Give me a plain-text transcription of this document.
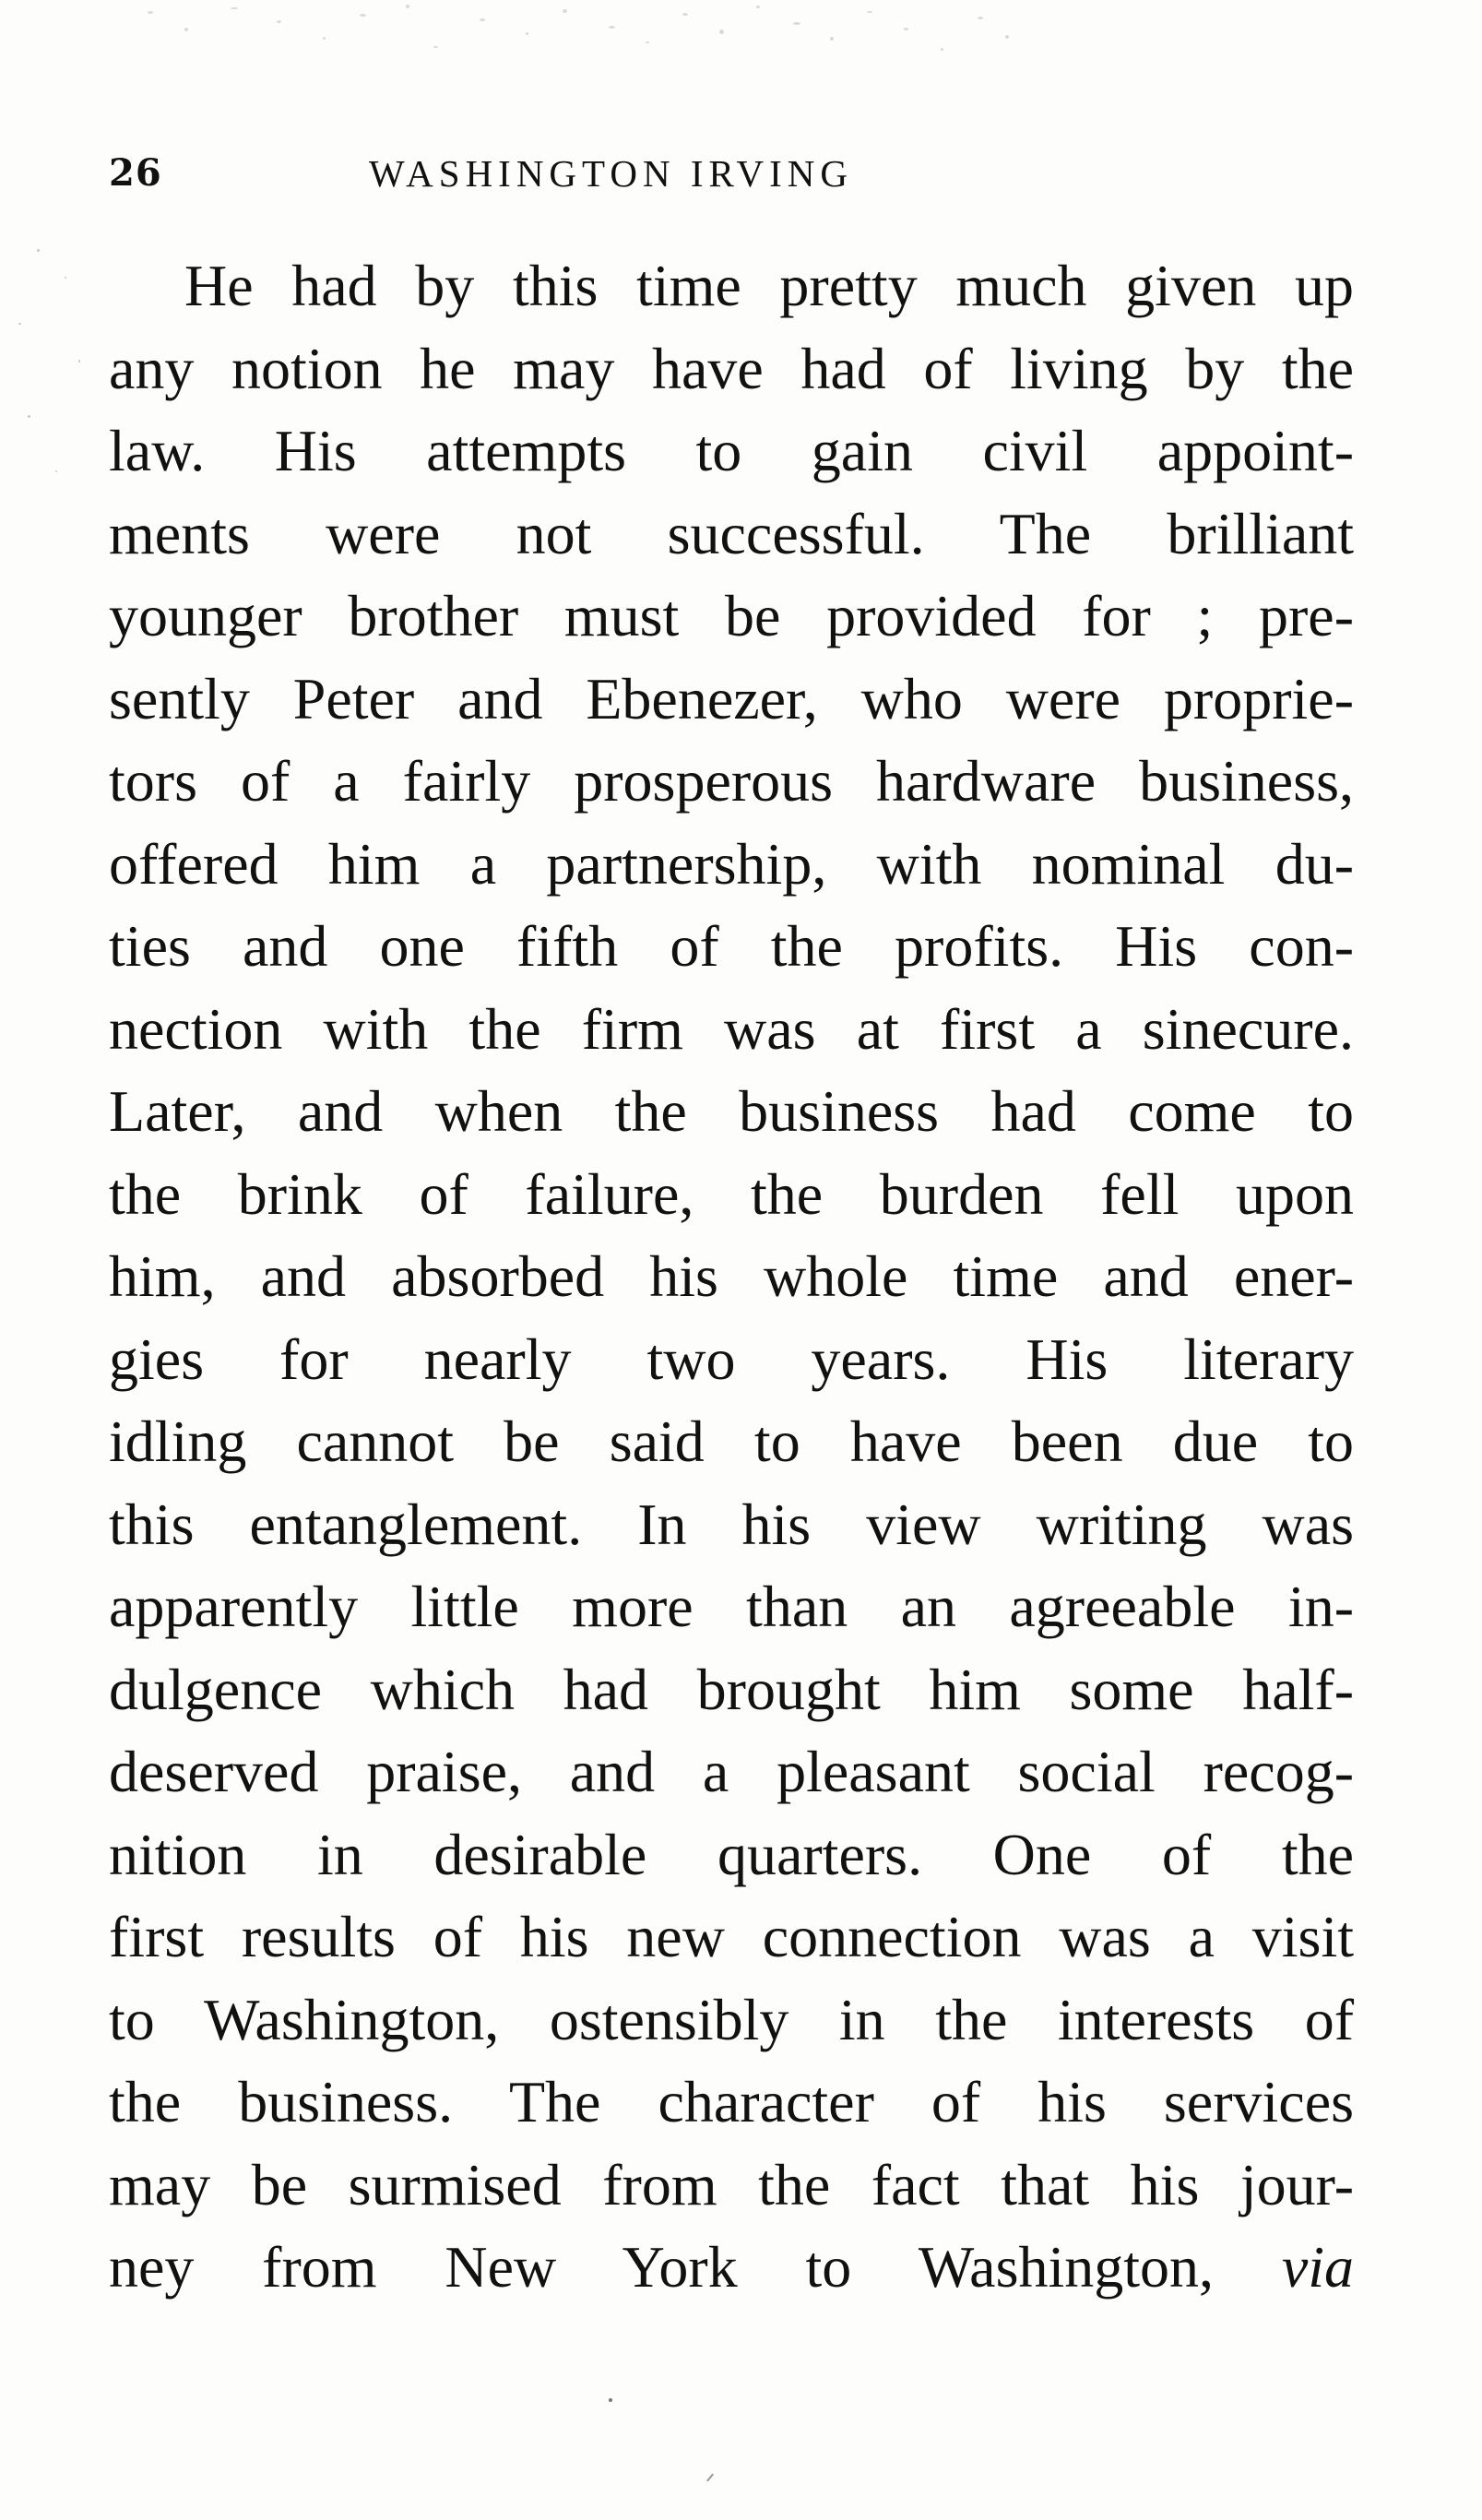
26	WASHINGTON IRVING
He had by this time pretty much given up
any notion he may have had of living by the
law. His attempts to gain civil appoint-
ments were not successful. The brilliant
younger brother must be provided for ; pre-
sently Peter and Ebenezer, who were proprie-
tors of a fairly prosperous hardware business,
offered him a partnership, with nominal du-
ties and one fifth of the profits. His con-
nection with the firm was at first a sinecure.
Later, and when the business had come to
the brink of failure, the burden fell upon
him, and absorbed his whole time and ener-
gies for nearly two years. His literary
idling cannot be said to have been due to
this entanglement. In his view writing was
apparently little more than an agreeable in-
dulgence which had brought him some half-
deserved praise, and a pleasant social recog-
nition in desirable quarters. One of the
first results of his new connection was a visit
to Washington, ostensibly in the interests of
the business. The character of his services
may be surmised from the fact that his jour-
ney from New York to Washington, via
